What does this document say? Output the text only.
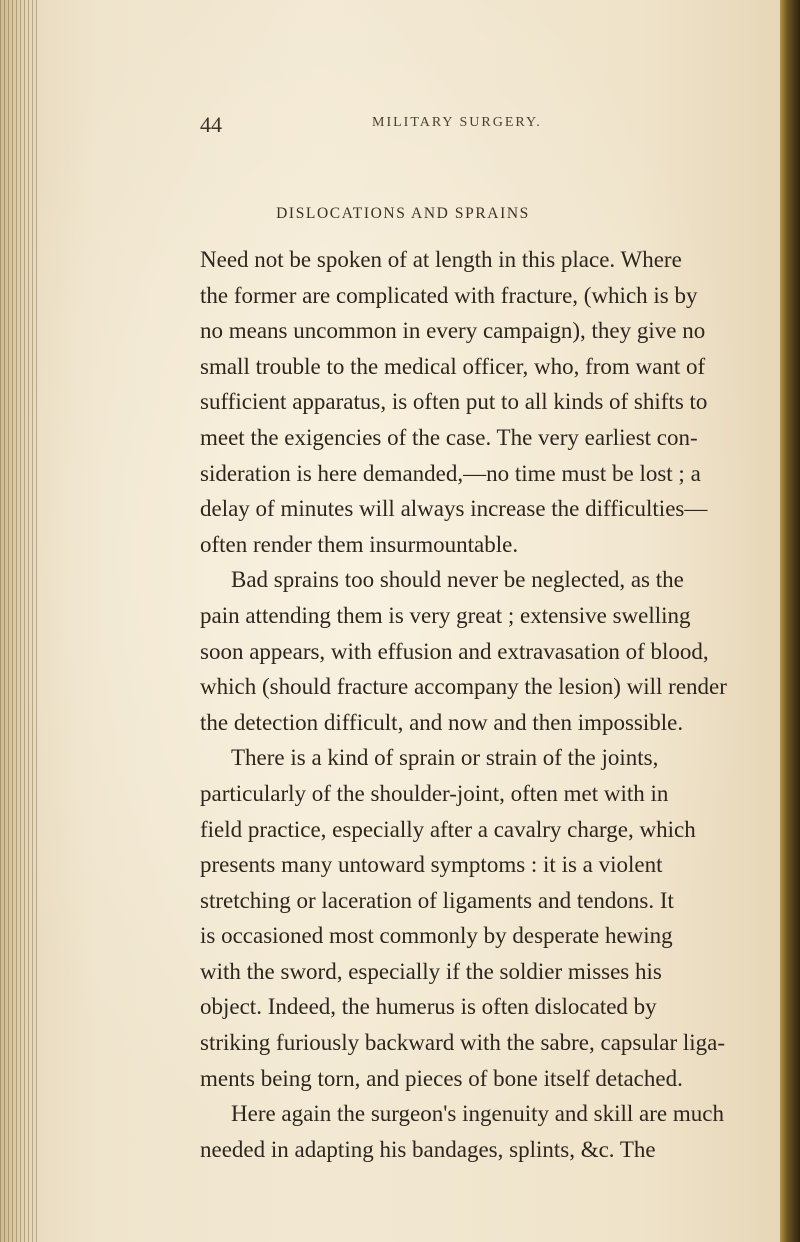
44	MILITARY SURGERY.
DISLOCATIONS AND SPRAINS
Need not be spoken of at length in this place. Where
the former are complicated with fracture, (which is by
no means uncommon in every campaign), they give no
small trouble to the medical officer, who, from want of
sufficient apparatus, is often put to all kinds of shifts to
meet the exigencies of the case. The very earliest con-
sideration is here demanded,—no time must be lost ; a
delay of minutes will always increase the difficulties—
often render them insurmountable.
Bad sprains too should never be neglected, as the
pain attending them is very great ; extensive swelling
soon appears, with effusion and extravasation of blood,
which (should fracture accompany the lesion) will render
the detection difficult, and now and then impossible.
There is a kind of sprain or strain of the joints,
particularly of the shoulder-joint, often met with in
field practice, especially after a cavalry charge, which
presents many untoward symptoms : it is a violent
stretching or laceration of ligaments and tendons. It
is occasioned most commonly by desperate hewing
with the sword, especially if the soldier misses his
object. Indeed, the humerus is often dislocated by
striking furiously backward with the sabre, capsular liga-
ments being torn, and pieces of bone itself detached.
Here again the surgeon's ingenuity and skill are much
needed in adapting his bandages, splints, &c. The
